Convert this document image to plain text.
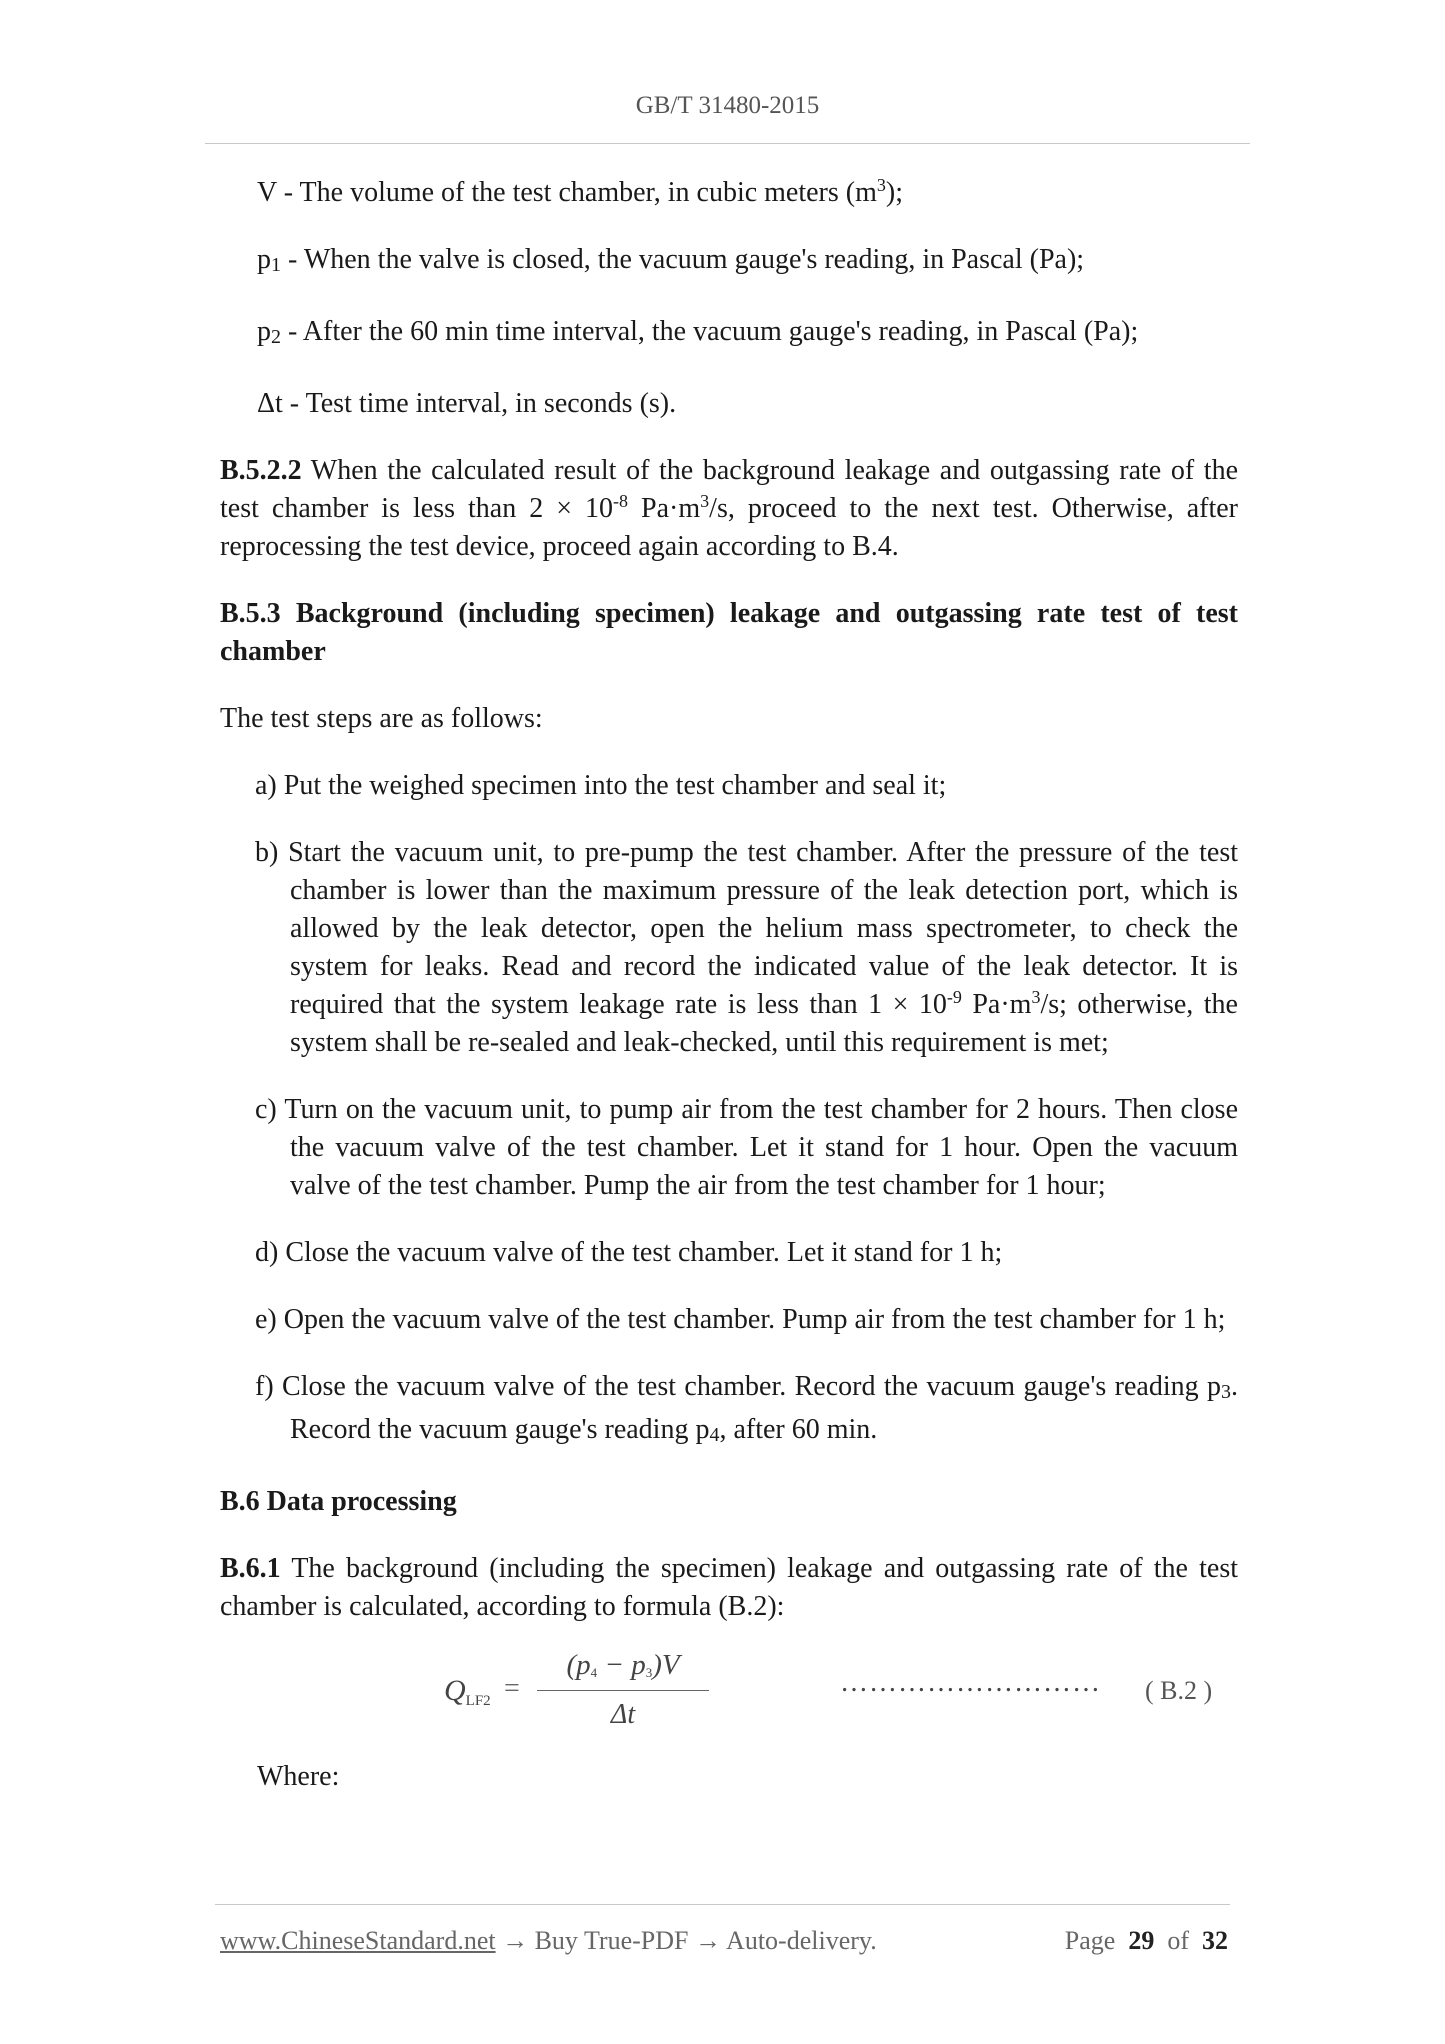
GB/T 31480-2015

V - The volume of the test chamber, in cubic meters $(m^3)$;

p1 - When the valve is closed, the vacuum gauge's reading, in Pascal (Pa);

p2 - After the 60 min time interval, the vacuum gauge's reading, in Pascal (Pa);

Δt - Test time interval, in seconds (s).

B.5.2.2 When the calculated result of the background leakage and outgassing rate of the test chamber is less than $2 \times 10^{-8}$ $Pa\cdot m^3/s$, proceed to the next test. Otherwise, after reprocessing the test device, proceed again according to B.4.

B.5.3 Background (including specimen) leakage and outgassing rate test of test chamber

The test steps are as follows:

a) Put the weighed specimen into the test chamber and seal it;

b) Start the vacuum unit, to pre-pump the test chamber. After the pressure of the test chamber is lower than the maximum pressure of the leak detection port, which is allowed by the leak detector, open the helium mass spectrometer, to check the system for leaks. Read and record the indicated value of the leak detector. It is required that the system leakage rate is less than $1 \times 10^{-9}$ $Pa\cdot m^3/s$; otherwise, the system shall be re-sealed and leak-checked, until this requirement is met;

c) Turn on the vacuum unit, to pump air from the test chamber for 2 hours. Then close the vacuum valve of the test chamber. Let it stand for 1 hour. Open the vacuum valve of the test chamber. Pump the air from the test chamber for 1 hour;

d) Close the vacuum valve of the test chamber. Let it stand for 1 h;

e) Open the vacuum valve of the test chamber. Pump air from the test chamber for 1 h;

f) Close the vacuum valve of the test chamber. Record the vacuum gauge's reading p3. Record the vacuum gauge's reading p4, after 60 min.

B.6 Data processing

B.6.1 The background (including the specimen) leakage and outgassing rate of the test chamber is calculated, according to formula (B.2):

QLF2 =
(p4 − p3)V
Δt
……………………… ( B.2 )

Where:

www.ChineseStandard.net → Buy True-PDF → Auto-delivery.	Page 29 of 32
